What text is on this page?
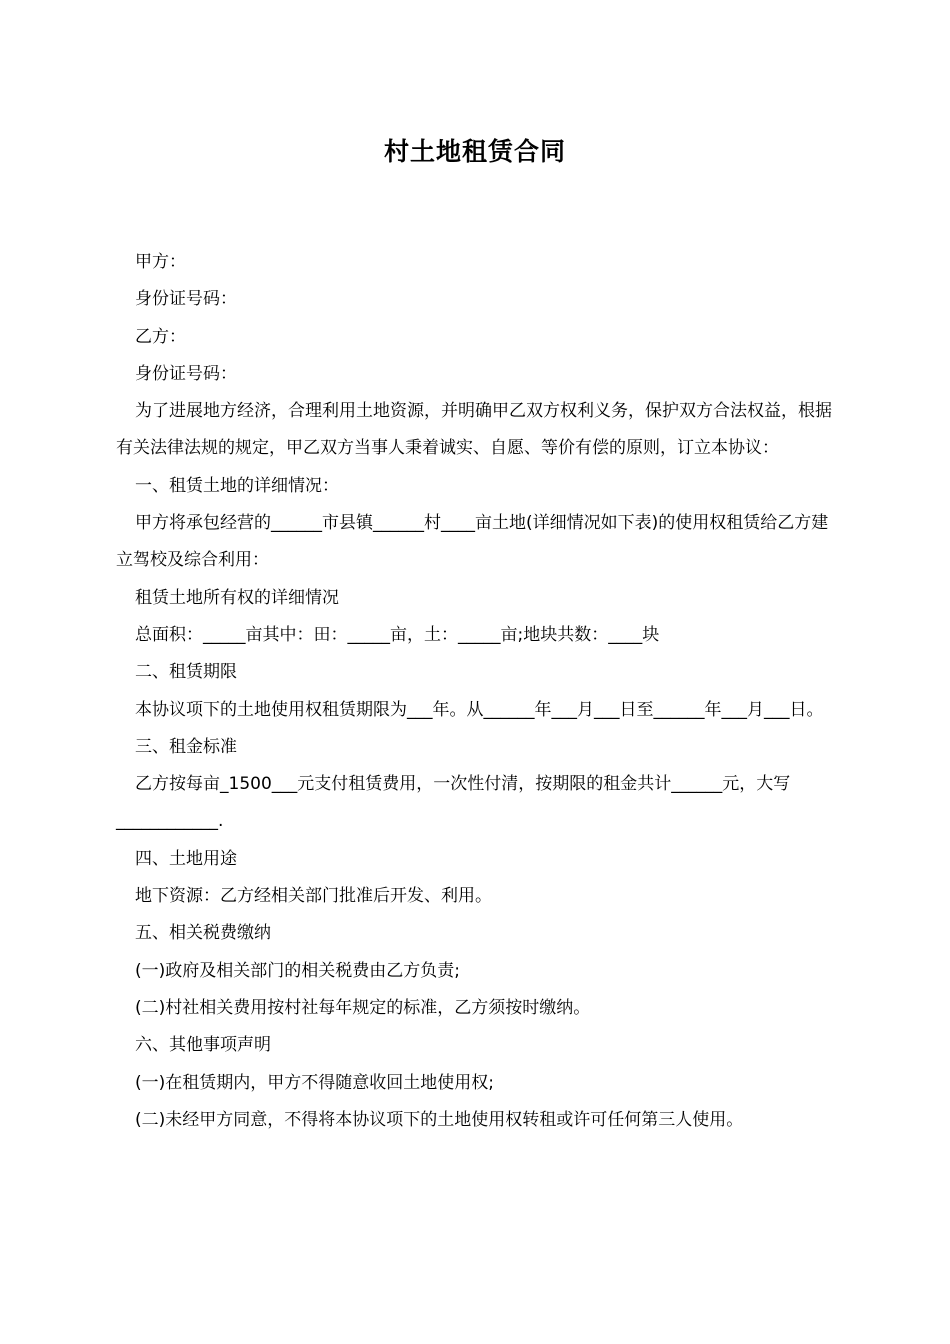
村土地租赁合同

甲方：

身份证号码：

乙方：

身份证号码：

为了进展地方经济，合理利用土地资源，并明确甲乙双方权利义务，保护双方合法权益，根据有关法律法规的规定，甲乙双方当事人秉着诚实、自愿、等价有偿的原则，订立本协议：

一、租赁土地的详细情况：

甲方将承包经营的______市县镇______村____亩土地(详细情况如下表)的使用权租赁给乙方建立驾校及综合利用：

租赁土地所有权的详细情况

总面积：_____亩其中：田：_____亩，土：_____亩;地块共数：____块

二、租赁期限

本协议项下的土地使用权租赁期限为___年。从______年___月___日至______年___月___日。

三、租金标准

乙方按每亩_1500___元支付租赁费用，一次性付清，按期限的租金共计______元，大写____________.

四、土地用途

地下资源：乙方经相关部门批准后开发、利用。

五、相关税费缴纳

(一)政府及相关部门的相关税费由乙方负责;

(二)村社相关费用按村社每年规定的标准，乙方须按时缴纳。

六、其他事项声明

(一)在租赁期内，甲方不得随意收回土地使用权;

(二)未经甲方同意，不得将本协议项下的土地使用权转租或许可任何第三人使用。
